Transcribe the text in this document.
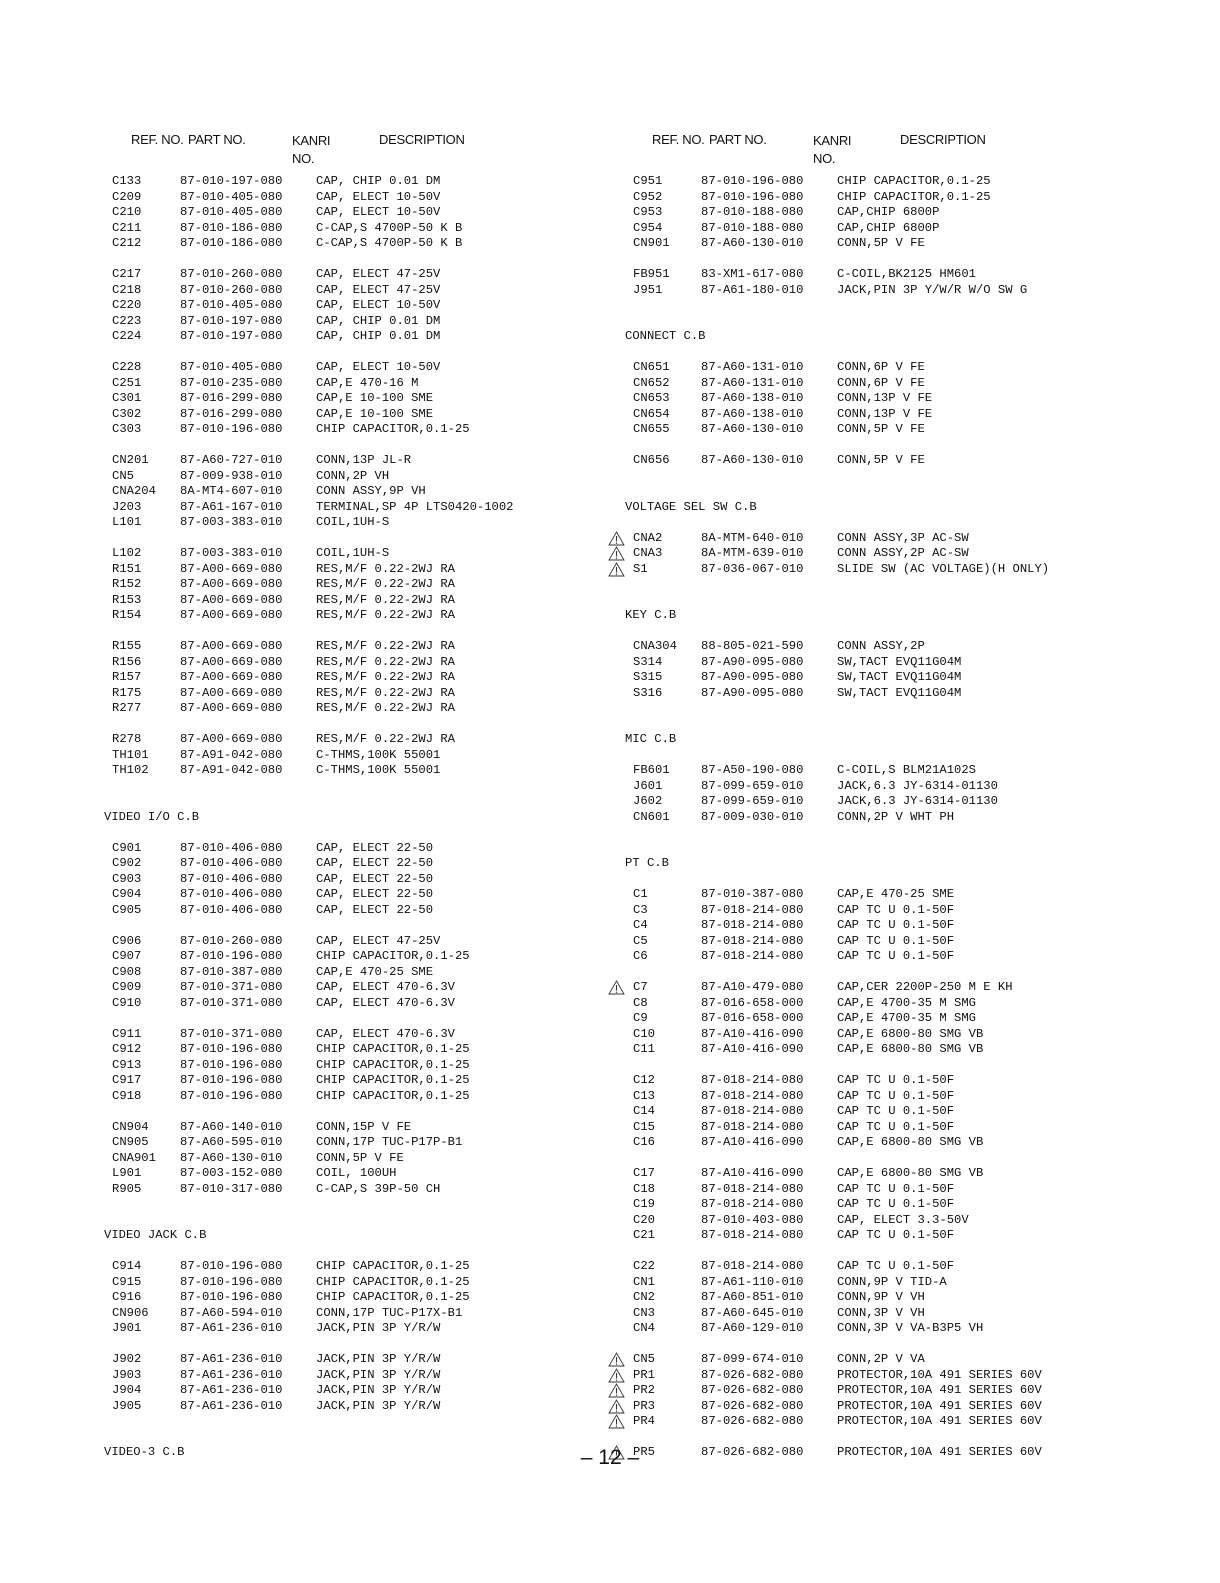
REF. NO. PART NO.	KANRI NO.
DESCRIPTION
C133	87-010-197-080	CAP, CHIP 0.01 DM
C209	87-010-405-080	CAP, ELECT 10-50V
C210	87-010-405-080	CAP, ELECT 10-50V
C211	87-010-186-080	C-CAP,S 4700P-50 K B
C212	87-010-186-080	C-CAP,S 4700P-50 K B
C217	87-010-260-080	CAP, ELECT 47-25V
C218	87-010-260-080	CAP, ELECT 47-25V
C220	87-010-405-080	CAP, ELECT 10-50V
C223	87-010-197-080	CAP, CHIP 0.01 DM
C224	87-010-197-080	CAP, CHIP 0.01 DM
C228	87-010-405-080	CAP, ELECT 10-50V
C251	87-010-235-080	CAP,E 470-16 M
C301	87-016-299-080	CAP,E 10-100 SME
C302	87-016-299-080	CAP,E 10-100 SME
C303	87-010-196-080	CHIP CAPACITOR,0.1-25
CN201	87-A60-727-010	CONN,13P JL-R
CN5	87-009-938-010	CONN,2P VH
CNA204 8A-MT4-607-010	CONN ASSY,9P VH
J203	87-A61-167-010	TERMINAL,SP 4P LTS0420-1002
L101	87-003-383-010	COIL,1UH-S
L102	87-003-383-010	COIL,1UH-S
R151	87-A00-669-080	RES,M/F 0.22-2WJ RA
R152	87-A00-669-080	RES,M/F 0.22-2WJ RA
R153	87-A00-669-080	RES,M/F 0.22-2WJ RA
R154	87-A00-669-080	RES,M/F 0.22-2WJ RA
R155	87-A00-669-080	RES,M/F 0.22-2WJ RA
R156	87-A00-669-080	RES,M/F 0.22-2WJ RA
R157	87-A00-669-080	RES,M/F 0.22-2WJ RA
R175	87-A00-669-080	RES,M/F 0.22-2WJ RA
R277	87-A00-669-080	RES,M/F 0.22-2WJ RA
R278	87-A00-669-080	RES,M/F 0.22-2WJ RA
TH101	87-A91-042-080	C-THMS,100K 55001
TH102	87-A91-042-080	C-THMS,100K 55001
VIDEO I/O C.B
C901	87-010-406-080	CAP, ELECT 22-50
C902	87-010-406-080	CAP, ELECT 22-50
C903	87-010-406-080	CAP, ELECT 22-50
C904	87-010-406-080	CAP, ELECT 22-50
C905	87-010-406-080	CAP, ELECT 22-50
C906	87-010-260-080	CAP, ELECT 47-25V
C907	87-010-196-080	CHIP CAPACITOR,0.1-25
C908	87-010-387-080	CAP,E 470-25 SME
C909	87-010-371-080	CAP, ELECT 470-6.3V
C910	87-010-371-080	CAP, ELECT 470-6.3V
C911	87-010-371-080	CAP, ELECT 470-6.3V
C912	87-010-196-080	CHIP CAPACITOR,0.1-25
C913	87-010-196-080	CHIP CAPACITOR,0.1-25
C917	87-010-196-080	CHIP CAPACITOR,0.1-25
C918	87-010-196-080	CHIP CAPACITOR,0.1-25
CN904	87-A60-140-010	CONN,15P V FE
CN905	87-A60-595-010	CONN,17P TUC-P17P-B1
CNA901 87-A60-130-010	CONN,5P V FE
L901	87-003-152-080	COIL, 100UH
R905	87-010-317-080	C-CAP,S 39P-50 CH
VIDEO JACK C.B
C914	87-010-196-080	CHIP CAPACITOR,0.1-25
C915	87-010-196-080	CHIP CAPACITOR,0.1-25
C916	87-010-196-080	CHIP CAPACITOR,0.1-25
CN906	87-A60-594-010	CONN,17P TUC-P17X-B1
J901	87-A61-236-010	JACK,PIN 3P Y/R/W
J902	87-A61-236-010	JACK,PIN 3P Y/R/W
J903	87-A61-236-010	JACK,PIN 3P Y/R/W
J904	87-A61-236-010	JACK,PIN 3P Y/R/W
J905	87-A61-236-010	JACK,PIN 3P Y/R/W
VIDEO-3 C.B
REF. NO. PART NO.	KANRI NO.
DESCRIPTION
C951	87-010-196-080	CHIP CAPACITOR,0.1-25
C952	87-010-196-080	CHIP CAPACITOR,0.1-25
C953	87-010-188-080	CAP,CHIP 6800P
C954	87-010-188-080	CAP,CHIP 6800P
CN901	87-A60-130-010	CONN,5P V FE
FB951	83-XM1-617-080	C-COIL,BK2125 HM601
J951	87-A61-180-010	JACK,PIN 3P Y/W/R W/O SW G
CONNECT C.B
CN651	87-A60-131-010	CONN,6P V FE
CN652	87-A60-131-010	CONN,6P V FE
CN653	87-A60-138-010	CONN,13P V FE
CN654	87-A60-138-010	CONN,13P V FE
CN655	87-A60-130-010	CONN,5P V FE
CN656	87-A60-130-010	CONN,5P V FE
VOLTAGE SEL SW C.B
CNA2	8A-MTM-640-010	CONN ASSY,3P AC-SW
CNA3	8A-MTM-639-010	CONN ASSY,2P AC-SW
S1	87-036-067-010	SLIDE SW (AC VOLTAGE)(H ONLY)
KEY C.B
CNA304 88-805-021-590	CONN ASSY,2P
S314	87-A90-095-080	SW,TACT EVQ11G04M
S315	87-A90-095-080	SW,TACT EVQ11G04M
S316	87-A90-095-080	SW,TACT EVQ11G04M
MIC C.B
FB601	87-A50-190-080	C-COIL,S BLM21A102S
J601	87-099-659-010	JACK,6.3 JY-6314-01130
J602	87-099-659-010	JACK,6.3 JY-6314-01130
CN601	87-009-030-010	CONN,2P V WHT PH
PT C.B
C1	87-010-387-080	CAP,E 470-25 SME
C3	87-018-214-080	CAP TC U 0.1-50F
C4	87-018-214-080	CAP TC U 0.1-50F
C5	87-018-214-080	CAP TC U 0.1-50F
C6	87-018-214-080	CAP TC U 0.1-50F
C7	87-A10-479-080	CAP,CER 2200P-250 M E KH
C8	87-016-658-000	CAP,E 4700-35 M SMG
C9	87-016-658-000	CAP,E 4700-35 M SMG
C10	87-A10-416-090	CAP,E 6800-80 SMG VB
C11	87-A10-416-090	CAP,E 6800-80 SMG VB
C12	87-018-214-080	CAP TC U 0.1-50F
C13	87-018-214-080	CAP TC U 0.1-50F
C14	87-018-214-080	CAP TC U 0.1-50F
C15	87-018-214-080	CAP TC U 0.1-50F
C16	87-A10-416-090	CAP,E 6800-80 SMG VB
C17	87-A10-416-090	CAP,E 6800-80 SMG VB
C18	87-018-214-080	CAP TC U 0.1-50F
C19	87-018-214-080	CAP TC U 0.1-50F
C20	87-010-403-080	CAP, ELECT 3.3-50V
C21	87-018-214-080	CAP TC U 0.1-50F
C22	87-018-214-080	CAP TC U 0.1-50F
CN1	87-A61-110-010	CONN,9P V TID-A
CN2	87-A60-851-010	CONN,9P V VH
CN3	87-A60-645-010	CONN,3P V VH
CN4	87-A60-129-010	CONN,3P V VA-B3P5 VH
CN5	87-099-674-010	CONN,2P V VA
PR1	87-026-682-080	PROTECTOR,10A 491 SERIES 60V
PR2	87-026-682-080	PROTECTOR,10A 491 SERIES 60V
PR3	87-026-682-080	PROTECTOR,10A 491 SERIES 60V
PR4	87-026-682-080	PROTECTOR,10A 491 SERIES 60V
PR5	87-026-682-080	PROTECTOR,10A 491 SERIES 60V
– 12 –
